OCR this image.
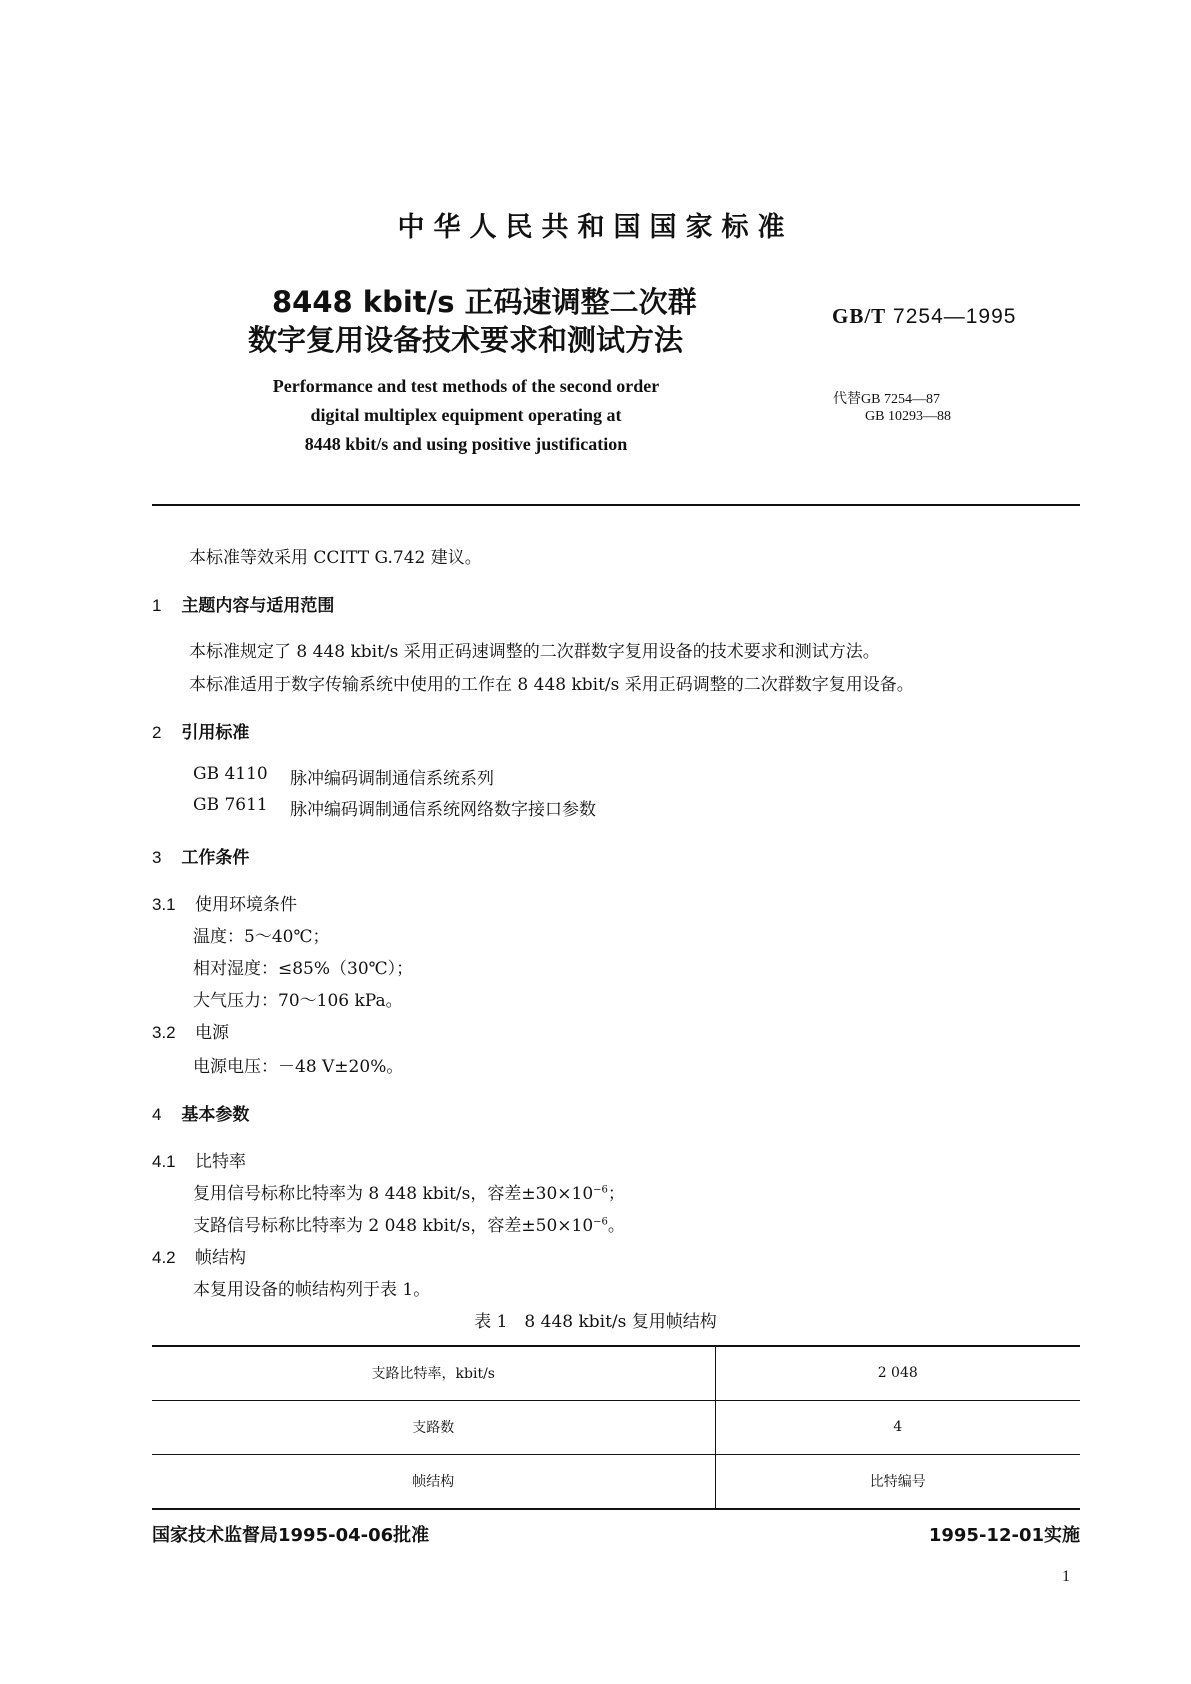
中华人民共和国国家标准
8448 kbit/s 正码速调整二次群
数字复用设备技术要求和测试方法
Performance and test methods of the second order
digital multiplex equipment operating at
8448 kbit/s and using positive justification
GB/T 7254—1995
代替GB 7254—87
GB 10293—88
本标准等效采用 CCITT G.742 建议。
1 主题内容与适用范围
本标准规定了 8 448 kbit/s 采用正码速调整的二次群数字复用设备的技术要求和测试方法。
本标准适用于数字传输系统中使用的工作在 8 448 kbit/s 采用正码调整的二次群数字复用设备。
2 引用标准
GB 4110 脉冲编码调制通信系统系列
GB 7611 脉冲编码调制通信系统网络数字接口参数
3 工作条件
3.1 使用环境条件
温度：5～40℃；
相对湿度：≤85%（30℃）；
大气压力：70～106 kPa。
3.2 电源
电源电压：－48 V±20%。
4 基本参数
4.1 比特率
复用信号标称比特率为 8 448 kbit/s，容差$\pm 30\times 10^{-6}$；
支路信号标称比特率为 2 048 kbit/s，容差$\pm 50\times 10^{-6}$。
4.2 帧结构
本复用设备的帧结构列于表 1。
表 1　8 448 kbit/s 复用帧结构
支路比特率，kbit/s	2 048
支路数	4
帧结构	比特编号
国家技术监督局1995-04-06批准	1995-12-01实施
1
